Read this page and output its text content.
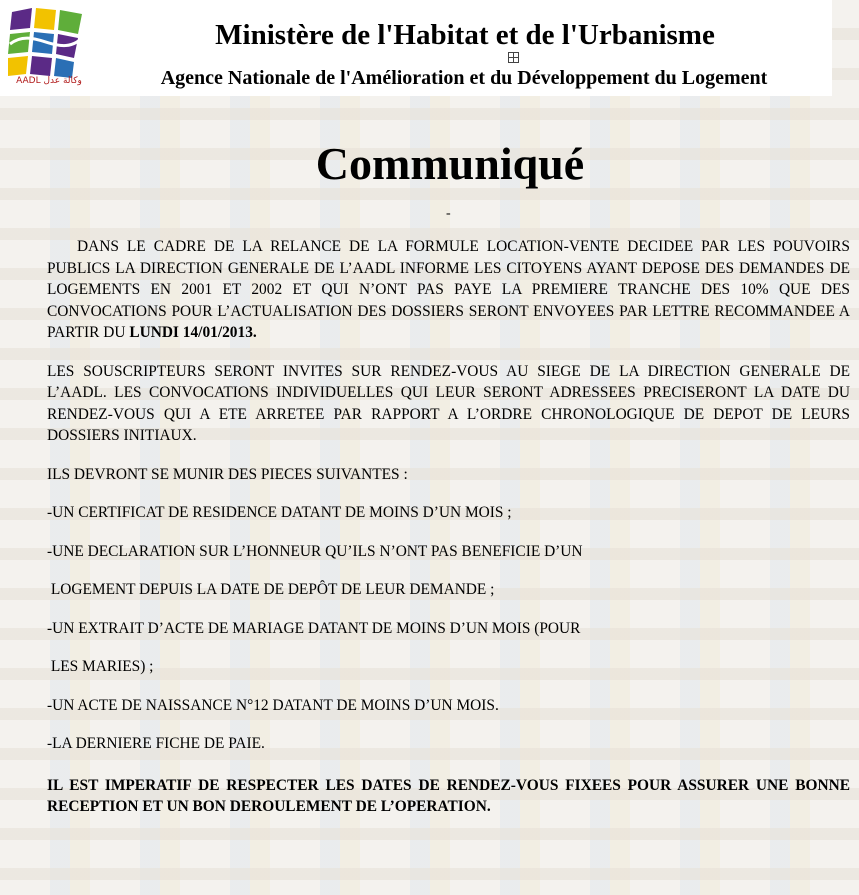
AADL وكالة عدل
Ministère de l'Habitat et de l'Urbanisme
Agence Nationale de l'Amélioration et du Développement du Logement
Communiqué
-

DANS LE CADRE DE LA RELANCE DE LA FORMULE LOCATION-VENTE DECIDEE PAR LES POUVOIRS PUBLICS LA DIRECTION GENERALE DE L’AADL INFORME LES CITOYENS AYANT DEPOSE DES DEMANDES DE LOGEMENTS EN 2001 ET 2002 ET QUI N’ONT PAS PAYE LA PREMIERE TRANCHE DES 10% QUE DES CONVOCATIONS POUR L’ACTUALISATION DES DOSSIERS SERONT ENVOYEES PAR LETTRE RECOMMANDEE A PARTIR DU LUNDI 14/01/2013.

LES SOUSCRIPTEURS SERONT INVITES SUR RENDEZ-VOUS AU SIEGE DE LA DIRECTION GENERALE DE L’AADL. LES CONVOCATIONS INDIVIDUELLES QUI LEUR SERONT ADRESSEES PRECISERONT LA DATE DU RENDEZ-VOUS QUI A ETE ARRETEE PAR RAPPORT A L’ORDRE CHRONOLOGIQUE DE DEPOT DE LEURS DOSSIERS INITIAUX.

ILS DEVRONT SE MUNIR DES PIECES SUIVANTES :

-UN CERTIFICAT DE RESIDENCE DATANT DE MOINS D’UN MOIS ;

-UNE DECLARATION SUR L’HONNEUR QU’ILS N’ONT PAS BENEFICIE D’UN

LOGEMENT DEPUIS LA DATE DE DEPÔT DE LEUR DEMANDE ;

-UN EXTRAIT D’ACTE DE MARIAGE DATANT DE MOINS D’UN MOIS (POUR

LES MARIES) ;

-UN ACTE DE NAISSANCE N°12 DATANT DE MOINS D’UN MOIS.

-LA DERNIERE FICHE DE PAIE.

IL EST IMPERATIF DE RESPECTER LES DATES DE RENDEZ-VOUS FIXEES POUR ASSURER UNE BONNE RECEPTION ET UN BON DEROULEMENT DE L’OPERATION.
